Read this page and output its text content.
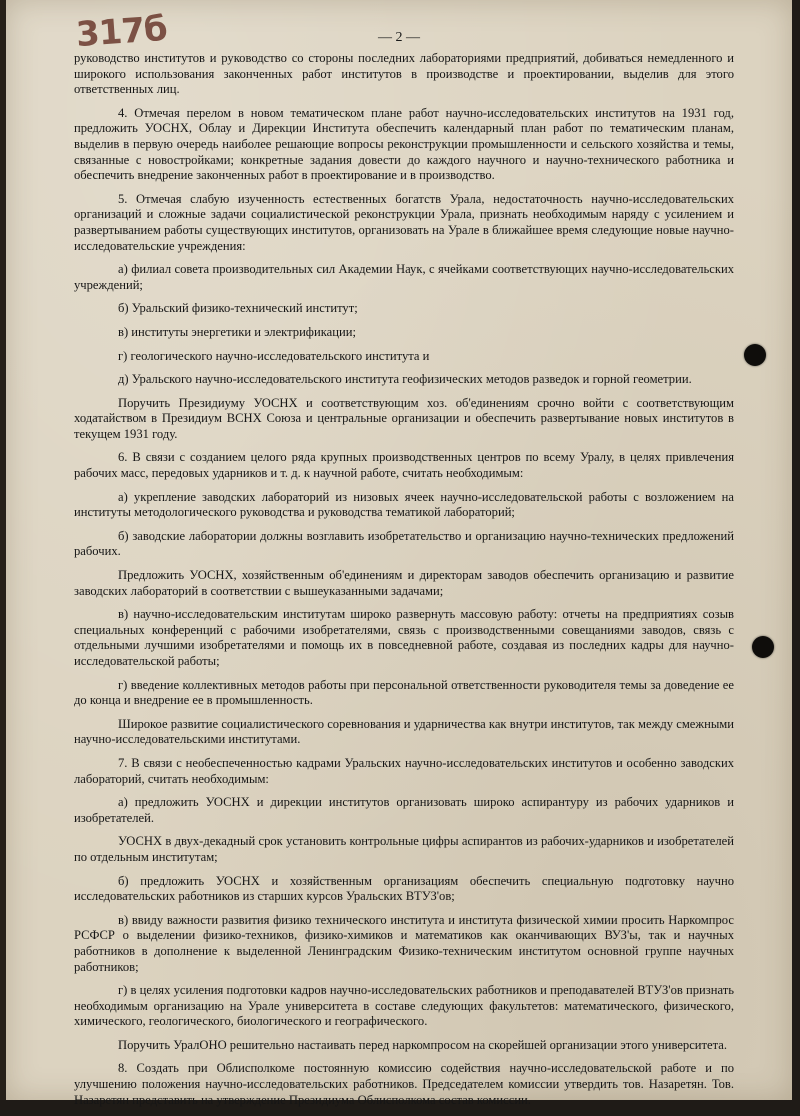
317б	— 2 —

руководство институтов и руководство со стороны последних лабораториями предприятий, добиваться немедленного и широкого использования законченных работ институтов в производстве и проектировании, выделив для этого ответственных лиц.

4. Отмечая перелом в новом тематическом плане работ научно-исследовательских институтов на 1931 год, предложить УОСНХ, Облау и Дирекции Института обеспечить календарный план работ по тематическим планам, выделив в первую очередь наиболее решающие вопросы реконструкции промышленности и сельского хозяйства и темы, связанные с новостройками; конкретные задания довести до каждого научного и научно-технического работника и обеспечить внедрение законченных работ в проектирование и в производство.

5. Отмечая слабую изученность естественных богатств Урала, недостаточность научно-исследовательских организаций и сложные задачи социалистической реконструкции Урала, признать необходимым наряду с усилением и развертыванием работы существующих институтов, организовать на Урале в ближайшее время следующие новые научно-исследовательские учреждения:

а) филиал совета производительных сил Академии Наук, с ячейками соответствующих научно-исследовательских учреждений;

б) Уральский физико-технический институт;

в) институты энергетики и электрификации;

г) геологического научно-исследовательского института и

д) Уральского научно-исследовательского института геофизических методов разведок и горной геометрии.

Поручить Президиуму УОСНХ и соответствующим хоз. об'единениям срочно войти с соответствующим ходатайством в Президиум ВСНХ Союза и центральные организации и обеспечить развертывание новых институтов в текущем 1931 году.

6. В связи с созданием целого ряда крупных производственных центров по всему Уралу, в целях привлечения рабочих масс, передовых ударников и т. д. к научной работе, считать необходимым:

а) укрепление заводских лабораторий из низовых ячеек научно-исследовательской работы с возложением на институты методологического руководства и руководства тематикой лабораторий;

б) заводские лаборатории должны возглавить изобретательство и организацию научно-технических предложений рабочих.

Предложить УОСНХ, хозяйственным об'единениям и директорам заводов обеспечить организацию и развитие заводских лабораторий в соответствии с вышеуказанными задачами;

в) научно-исследовательским институтам широко развернуть массовую работу: отчеты на предприятиях созыв специальных конференций с рабочими изобретателями, связь с производственными совещаниями заводов, связь с отдельными лучшими изобретателями и помощь их в повседневной работе, создавая из последних кадры для научно-исследовательской работы;

г) введение коллективных методов работы при персональной ответственности руководителя темы за доведение ее до конца и внедрение ее в промышленность.

Широкое развитие социалистического соревнования и ударничества как внутри институтов, так между смежными научно-исследовательскими институтами.

7. В связи с необеспеченностью кадрами Уральских научно-исследовательских институтов и особенно заводских лабораторий, считать необходимым:

а) предложить УОСНХ и дирекции институтов организовать широко аспирантуру из рабочих ударников и изобретателей.

УОСНХ в двух-декадный срок установить контрольные цифры аспирантов из рабочих-ударников и изобретателей по отдельным институтам;

б) предложить УОСНХ и хозяйственным организациям обеспечить специальную подготовку научно исследовательских работников из старших курсов Уральских ВТУЗ'ов;

в) ввиду важности развития физико технического института и института физической химии просить Наркомпрос РСФСР о выделении физико-техников, физико-химиков и математиков как оканчивающих ВУЗ'ы, так и научных работников в дополнение к выделенной Ленинградским Физико-техническим институтом основной группе научных работников;

г) в целях усиления подготовки кадров научно-исследовательских работников и преподавателей ВТУЗ'ов признать необходимым организацию на Урале университета в составе следующих факультетов: математического, физического, химического, геологического, биологического и географического.

Поручить УралОНО решительно настаивать перед наркомпросом на скорейшей организации этого университета.

8. Создать при Облисполкоме постоянную комиссию содействия научно-исследовательской работе и по улучшению положения научно-исследовательских работников. Председателем комиссии утвердить тов. Назаретян. Тов. Назаретян представить на утверждение Президиума Облисполкома состав комиссии.
